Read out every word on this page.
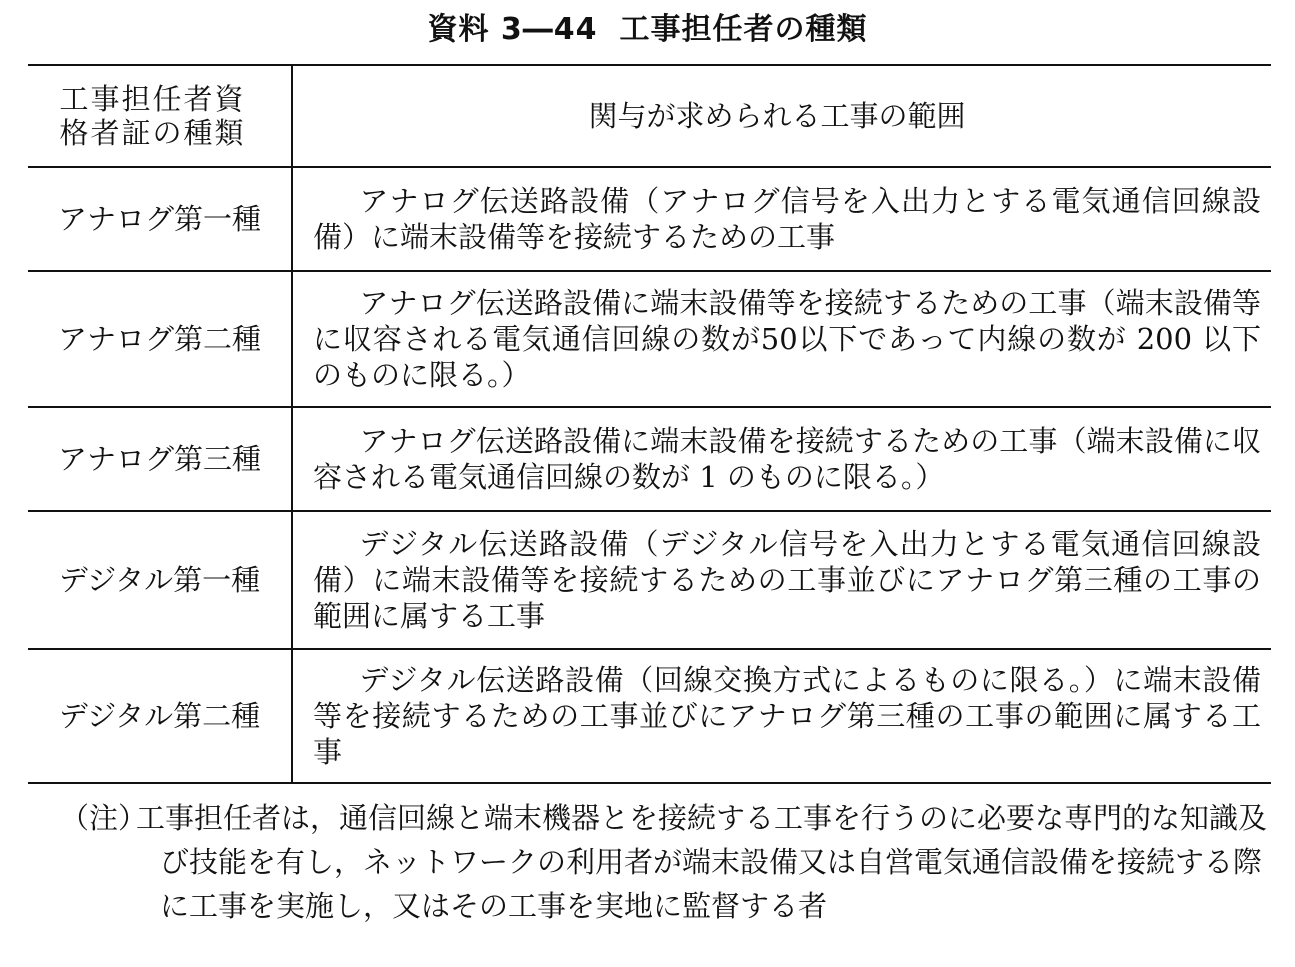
資料 3―44 工事担任者の種類
工事担任者資格者証の種類	関与が求められる工事の範囲
アナログ第一種	アナログ伝送路設備（アナログ信号を入出力とする電気通信回線設備）に端末設備等を接続するための工事
アナログ第二種	アナログ伝送路設備に端末設備等を接続するための工事（端末設備等に収容される電気通信回線の数が50以下であって内線の数が 200 以下のものに限る。）
アナログ第三種	アナログ伝送路設備に端末設備を接続するための工事（端末設備に収容される電気通信回線の数が 1 のものに限る。）
デジタル第一種	デジタル伝送路設備（デジタル信号を入出力とする電気通信回線設備）に端末設備等を接続するための工事並びにアナログ第三種の工事の範囲に属する工事
デジタル第二種	デジタル伝送路設備（回線交換方式によるものに限る。）に端末設備等を接続するための工事並びにアナログ第三種の工事の範囲に属する工事
（注）
工事担任者は，通信回線と端末機器とを接続する工事を行うのに必要な専門的な知識及び技能を有し，ネットワークの利用者が端末設備又は自営電気通信設備を接続する際に工事を実施し，又はその工事を実地に監督する者
